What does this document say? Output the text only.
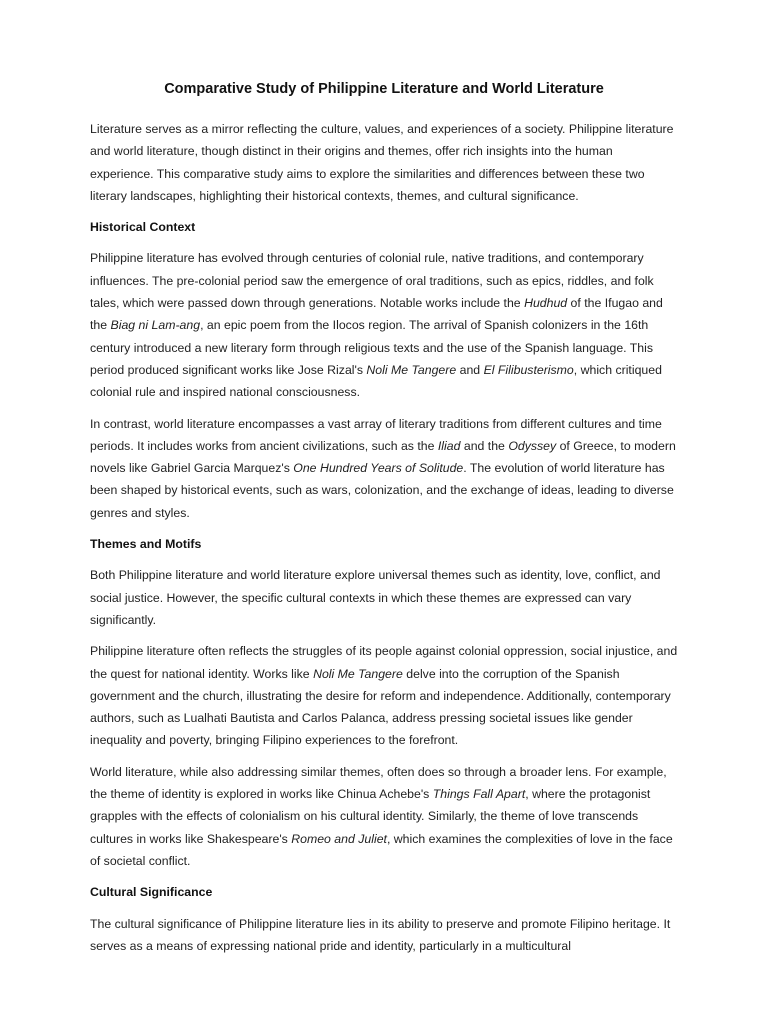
Comparative Study of Philippine Literature and World Literature

Literature serves as a mirror reflecting the culture, values, and experiences of a society. Philippine literature and world literature, though distinct in their origins and themes, offer rich insights into the human experience. This comparative study aims to explore the similarities and differences between these two literary landscapes, highlighting their historical contexts, themes, and cultural significance.

Historical Context

Philippine literature has evolved through centuries of colonial rule, native traditions, and contemporary influences. The pre-colonial period saw the emergence of oral traditions, such as epics, riddles, and folk tales, which were passed down through generations. Notable works include the Hudhud of the Ifugao and the Biag ni Lam-ang, an epic poem from the Ilocos region. The arrival of Spanish colonizers in the 16th century introduced a new literary form through religious texts and the use of the Spanish language. This period produced significant works like Jose Rizal's Noli Me Tangere and El Filibusterismo, which critiqued colonial rule and inspired national consciousness.

In contrast, world literature encompasses a vast array of literary traditions from different cultures and time periods. It includes works from ancient civilizations, such as the Iliad and the Odyssey of Greece, to modern novels like Gabriel Garcia Marquez's One Hundred Years of Solitude. The evolution of world literature has been shaped by historical events, such as wars, colonization, and the exchange of ideas, leading to diverse genres and styles.

Themes and Motifs

Both Philippine literature and world literature explore universal themes such as identity, love, conflict, and social justice. However, the specific cultural contexts in which these themes are expressed can vary significantly.

Philippine literature often reflects the struggles of its people against colonial oppression, social injustice, and the quest for national identity. Works like Noli Me Tangere delve into the corruption of the Spanish government and the church, illustrating the desire for reform and independence. Additionally, contemporary authors, such as Lualhati Bautista and Carlos Palanca, address pressing societal issues like gender inequality and poverty, bringing Filipino experiences to the forefront.

World literature, while also addressing similar themes, often does so through a broader lens. For example, the theme of identity is explored in works like Chinua Achebe's Things Fall Apart, where the protagonist grapples with the effects of colonialism on his cultural identity. Similarly, the theme of love transcends cultures in works like Shakespeare's Romeo and Juliet, which examines the complexities of love in the face of societal conflict.

Cultural Significance

The cultural significance of Philippine literature lies in its ability to preserve and promote Filipino heritage. It serves as a means of expressing national pride and identity, particularly in a multicultural
